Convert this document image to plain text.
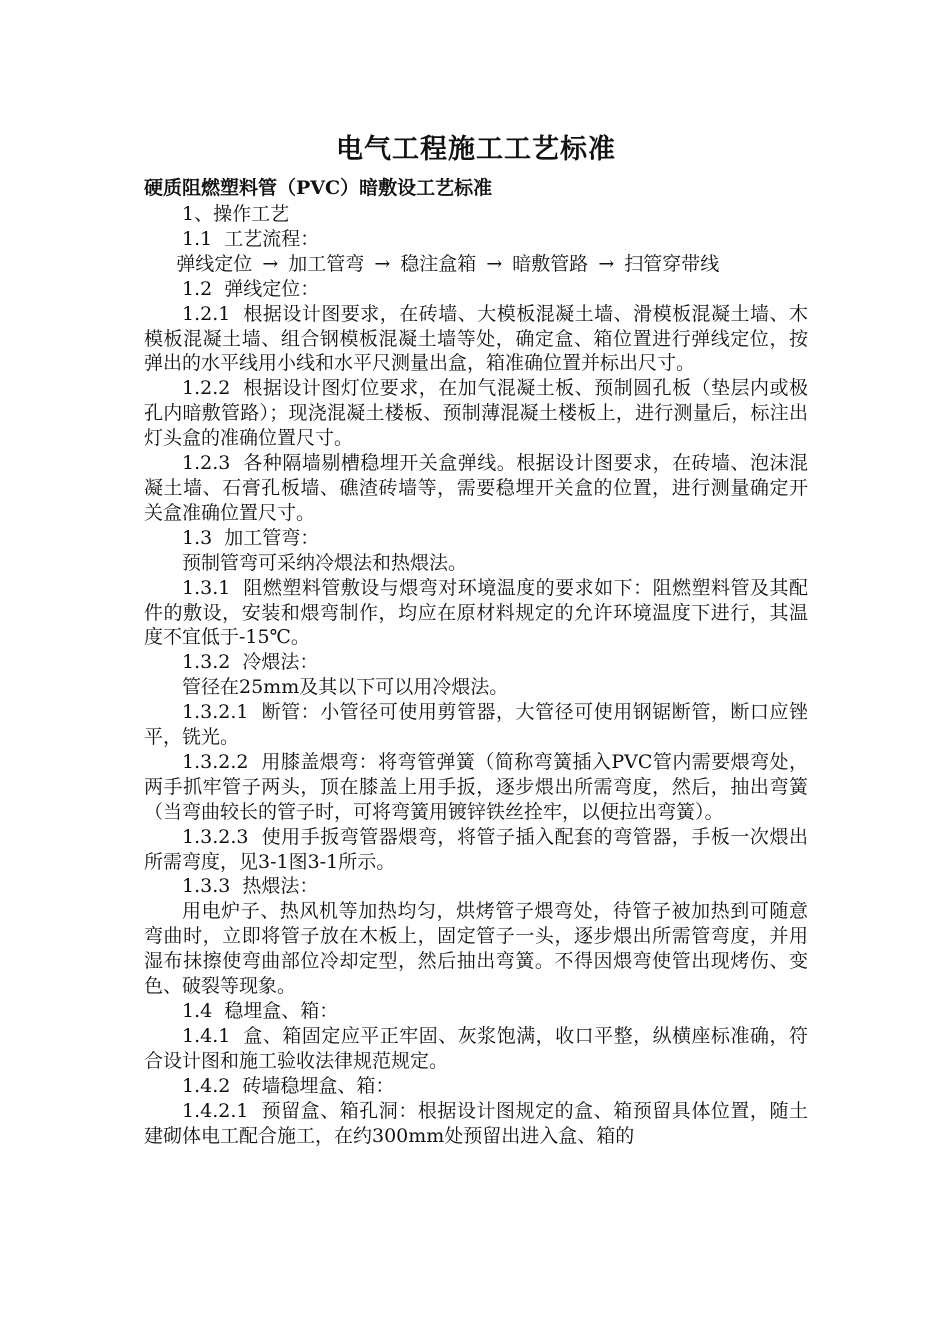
电气工程施工工艺标准
硬质阻燃塑料管（PVC）暗敷设工艺标准

1、操作工艺

1.1  工艺流程：

弹线定位 → 加工管弯 → 稳注盒箱 → 暗敷管路 → 扫管穿带线

1.2  弹线定位：

1.2.1  根据设计图要求，在砖墙、大模板混凝土墙、滑模板混凝土墙、木模板混凝土墙、组合钢模板混凝土墙等处，确定盒、箱位置进行弹线定位，按弹出的水平线用小线和水平尺测量出盒，箱准确位置并标出尺寸。

1.2.2  根据设计图灯位要求，在加气混凝土板、预制圆孔板（垫层内或极孔内暗敷管路）；现浇混凝土楼板、预制薄混凝土楼板上，进行测量后，标注出灯头盒的准确位置尺寸。

1.2.3  各种隔墙剔槽稳埋开关盒弹线。根据设计图要求，在砖墙、泡沫混凝土墙、石膏孔板墙、礁渣砖墙等，需要稳埋开关盒的位置，进行测量确定开关盒准确位置尺寸。

1.3  加工管弯：

预制管弯可采纳冷煨法和热煨法。

1.3.1  阻燃塑料管敷设与煨弯对环境温度的要求如下：阻燃塑料管及其配件的敷设，安装和煨弯制作，均应在原材料规定的允许环境温度下进行，其温度不宜低于-15℃。

1.3.2  冷煨法：

管径在25mm及其以下可以用冷煨法。

1.3.2.1  断管：小管径可使用剪管器，大管径可使用钢锯断管，断口应锉平，铣光。

1.3.2.2  用膝盖煨弯：将弯管弹簧（简称弯簧插入PVC管内需要煨弯处，两手抓牢管子两头，顶在膝盖上用手扳，逐步煨出所需弯度，然后，抽出弯簧（当弯曲较长的管子时，可将弯簧用镀锌铁丝拴牢，以便拉出弯簧）。

1.3.2.3  使用手扳弯管器煨弯，将管子插入配套的弯管器，手板一次煨出所需弯度，见3-1图3-1所示。

1.3.3  热煨法：

用电炉子、热风机等加热均匀，烘烤管子煨弯处，待管子被加热到可随意弯曲时，立即将管子放在木板上，固定管子一头，逐步煨出所需管弯度，并用湿布抹擦使弯曲部位冷却定型，然后抽出弯簧。不得因煨弯使管出现烤伤、变色、破裂等现象。

1.4  稳埋盒、箱：

1.4.1  盒、箱固定应平正牢固、灰浆饱满，收口平整，纵横座标准确，符合设计图和施工验收法律规范规定。

1.4.2  砖墙稳埋盒、箱：

1.4.2.1  预留盒、箱孔洞：根据设计图规定的盒、箱预留具体位置，随土建砌体电工配合施工，在约300mm处预留出进入盒、箱的
